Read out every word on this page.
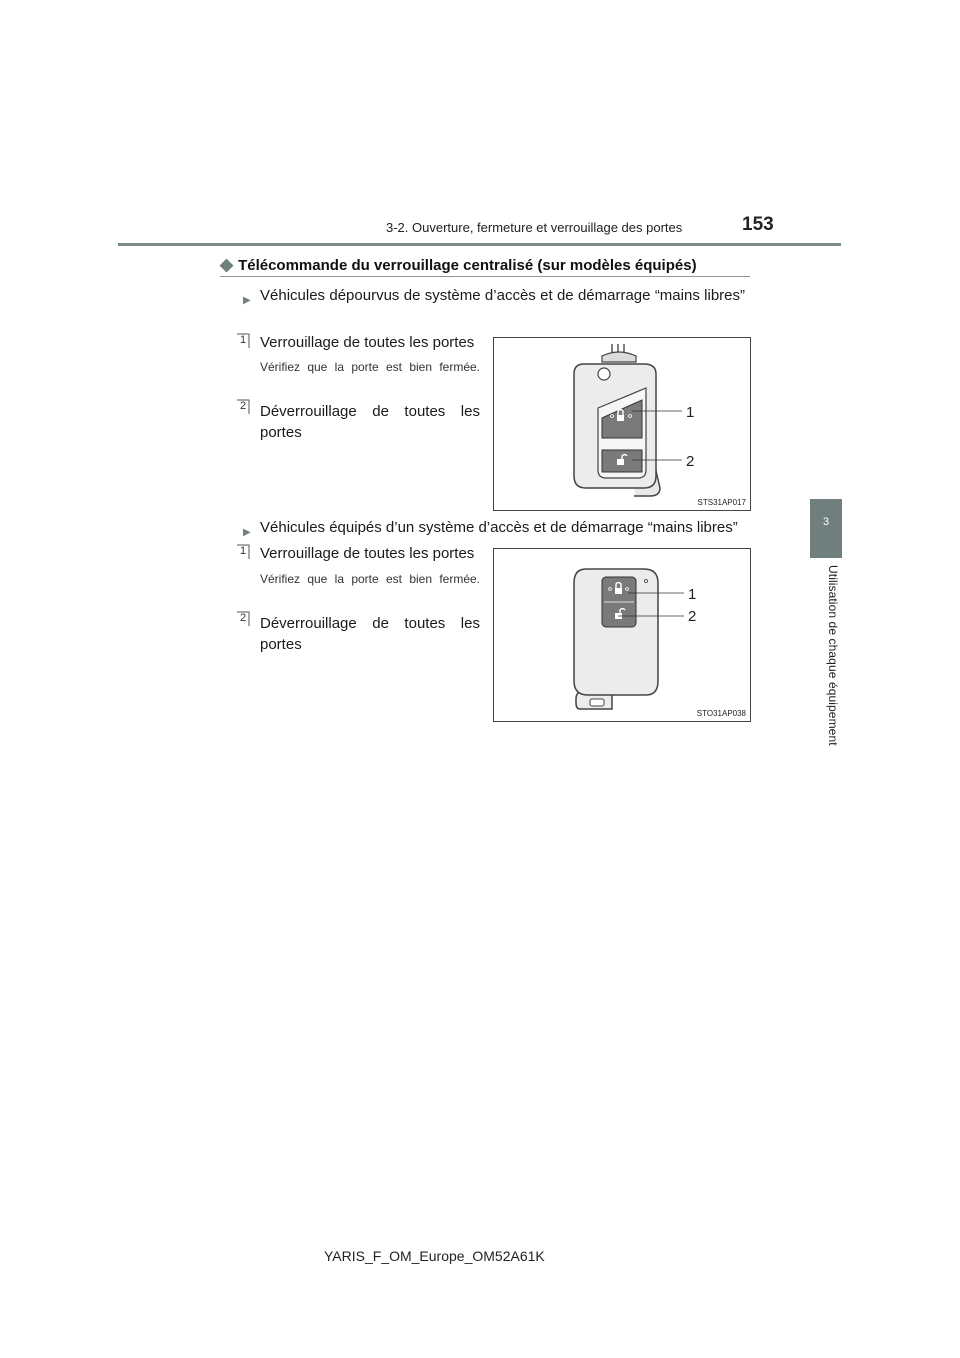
3-2. Ouverture, fermeture et verrouillage des portes	153
3
Utilisation de chaque équipement
◆ Télécommande du verrouillage centralisé (sur modèles équipés)
▶ Véhicules dépourvus de système d’accès et de démarrage “mains libres”
1 Verrouillage de toutes les portes
Vérifiez que la porte est bien fermée.
2 Déverrouillage de toutes les portes
1
2
STS31AP017
▶ Véhicules équipés d’un système d’accès et de démarrage “mains libres”
1 Verrouillage de toutes les portes
Vérifiez que la porte est bien fermée.
2 Déverrouillage de toutes les portes
1
2
STO31AP038
YARIS_F_OM_Europe_OM52A61K
